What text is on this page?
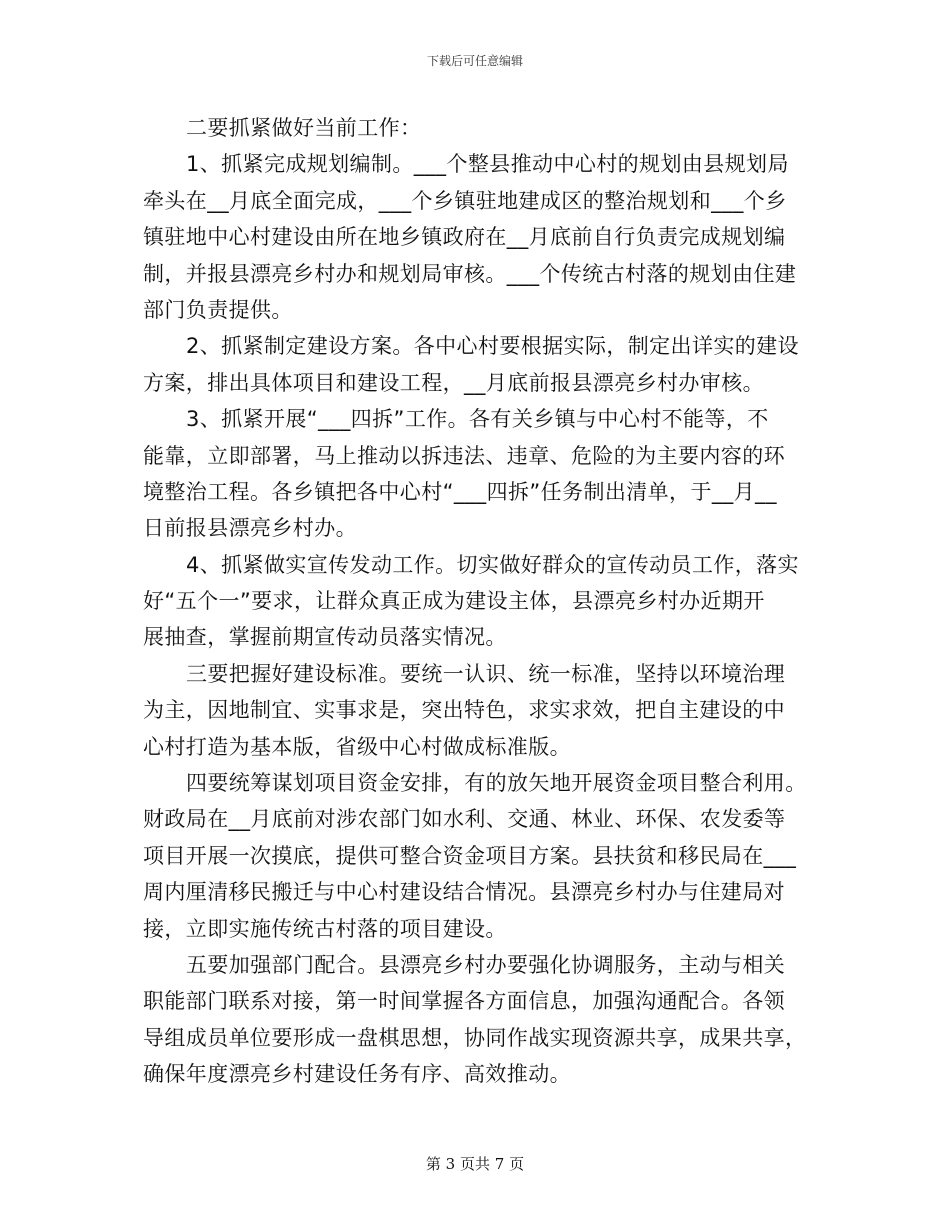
下载后可任意编辑
二要抓紧做好当前工作：
1、抓紧完成规划编制。___个整县推动中心村的规划由县规划局
牵头在__月底全面完成，___个乡镇驻地建成区的整治规划和___个乡
镇驻地中心村建设由所在地乡镇政府在__月底前自行负责完成规划编
制，并报县漂亮乡村办和规划局审核。___个传统古村落的规划由住建
部门负责提供。
2、抓紧制定建设方案。各中心村要根据实际，制定出详实的建设
方案，排出具体项目和建设工程，__月底前报县漂亮乡村办审核。
3、抓紧开展“___四拆”工作。各有关乡镇与中心村不能等，不
能靠，立即部署，马上推动以拆违法、违章、危险的为主要内容的环
境整治工程。各乡镇把各中心村“___四拆”任务制出清单，于__月__
日前报县漂亮乡村办。
4、抓紧做实宣传发动工作。切实做好群众的宣传动员工作，落实
好“五个一”要求，让群众真正成为建设主体，县漂亮乡村办近期开
展抽查，掌握前期宣传动员落实情况。
三要把握好建设标准。要统一认识、统一标准，坚持以环境治理
为主，因地制宜、实事求是，突出特色，求实求效，把自主建设的中
心村打造为基本版，省级中心村做成标准版。
四要统筹谋划项目资金安排，有的放矢地开展资金项目整合利用。
财政局在__月底前对涉农部门如水利、交通、林业、环保、农发委等
项目开展一次摸底，提供可整合资金项目方案。县扶贫和移民局在___
周内厘清移民搬迁与中心村建设结合情况。县漂亮乡村办与住建局对
接，立即实施传统古村落的项目建设。
五要加强部门配合。县漂亮乡村办要强化协调服务，主动与相关
职能部门联系对接，第一时间掌握各方面信息，加强沟通配合。各领
导组成员单位要形成一盘棋思想，协同作战实现资源共享，成果共享，
确保年度漂亮乡村建设任务有序、高效推动。
第 3 页共 7 页
